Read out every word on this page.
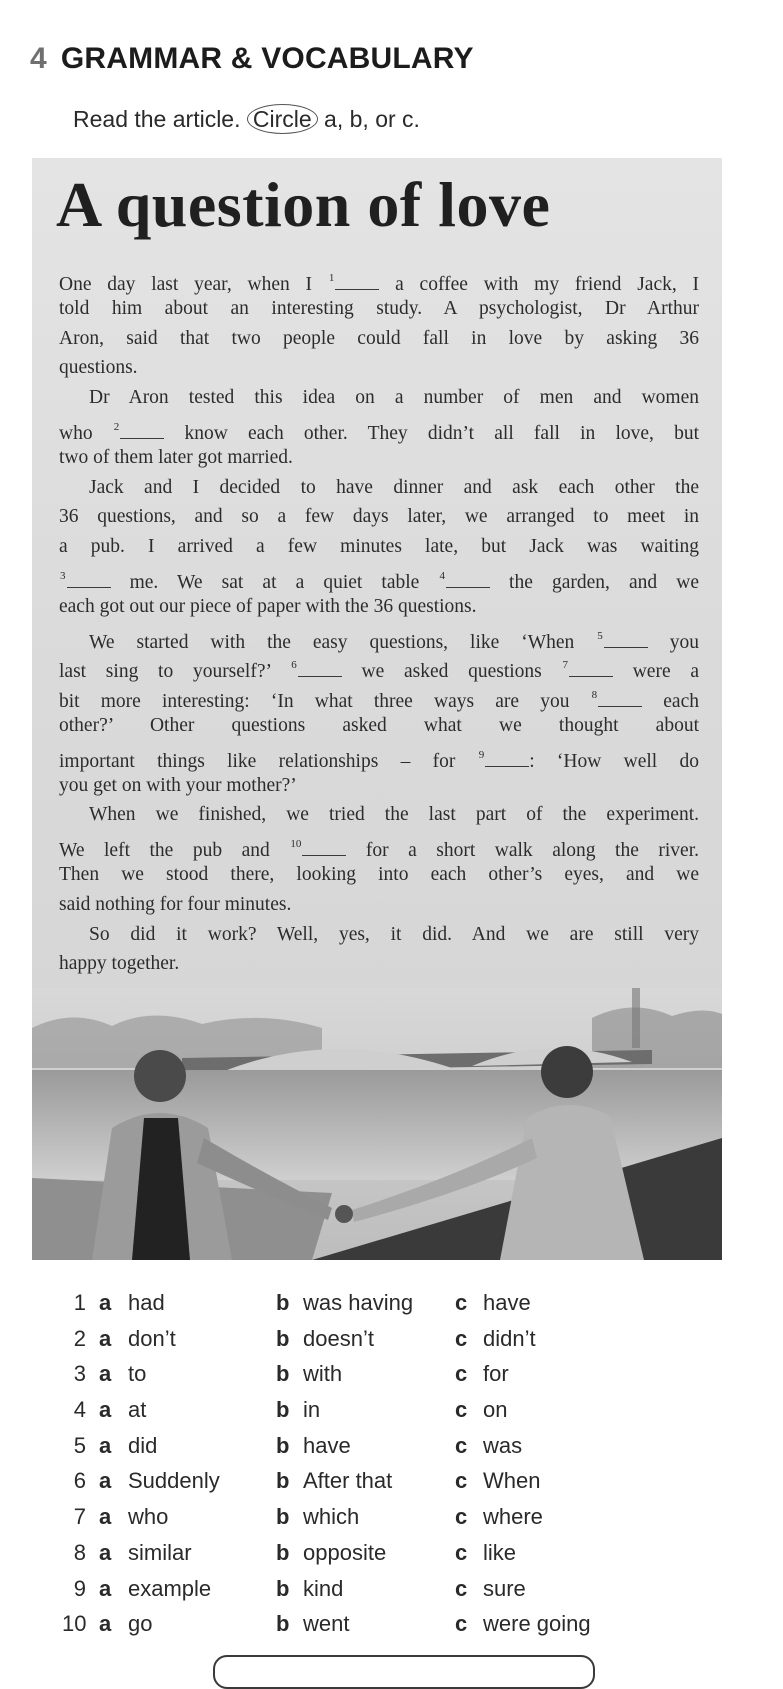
4 GRAMMAR & VOCABULARY
Read the article. Circle a, b, or c.
A question of love
One day last year, when I $^1$ a coffee with my friend Jack, I
told him about an interesting study. A psychologist, Dr Arthur
Aron, said that two people could fall in love by asking 36
questions.
Dr Aron tested this idea on a number of men and women
who $^2$ know each other. They didn’t all fall in love, but
two of them later got married.
Jack and I decided to have dinner and ask each other the
36 questions, and so a few days later, we arranged to meet in
a pub. I arrived a few minutes late, but Jack was waiting
$^3$ me. We sat at a quiet table $^4$ the garden, and we
each got out our piece of paper with the 36 questions.
We started with the easy questions, like ‘When $^5$ you
last sing to yourself?’ $^6$ we asked questions $^7$ were a
bit more interesting: ‘In what three ways are you $^8$ each
other?’ Other questions asked what we thought about
important things like relationships – for $^9$ : ‘How well do
you get on with your mother?’
When we finished, we tried the last part of the experiment.
We left the pub and $^{10}$ for a short walk along the river.
Then we stood there, looking into each other’s eyes, and we
said nothing for four minutes.
So did it work? Well, yes, it did. And we are still very
happy together.
1 a had	b was having c have
2 a don’t	b doesn’t	c didn’t
3 a to	b with	c for
4 a at	b in	c on
5 a did	b have	c was
6 a Suddenly	b After that	c When
7 a who	b which	c where
8 a similar	b opposite	c like
9 a example	b kind	c sure
10 a go	b went	c were going
